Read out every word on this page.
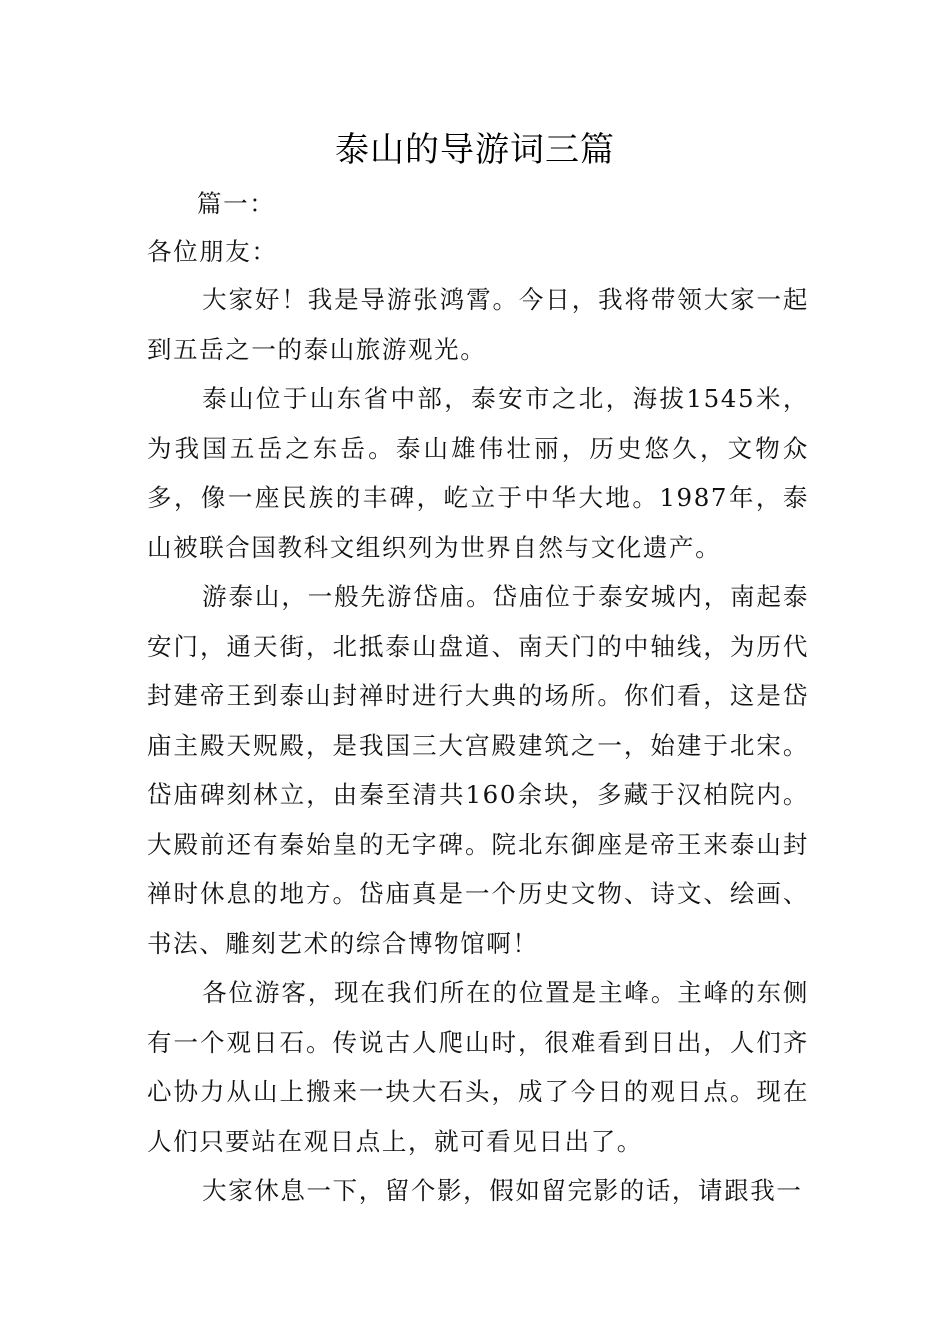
泰山的导游词三篇
篇一：
各位朋友：

大家好！我是导游张鸿霄。今日，我将带领大家一起到五岳之一的泰山旅游观光。

泰山位于山东省中部，泰安市之北，海拔1545米，为我国五岳之东岳。泰山雄伟壮丽，历史悠久，文物众多，像一座民族的丰碑，屹立于中华大地。1987年，泰山被联合国教科文组织列为世界自然与文化遗产。

游泰山，一般先游岱庙。岱庙位于泰安城内，南起泰安门，通天街，北抵泰山盘道、南天门的中轴线，为历代封建帝王到泰山封禅时进行大典的场所。你们看，这是岱庙主殿天贶殿，是我国三大宫殿建筑之一，始建于北宋。岱庙碑刻林立，由秦至清共160余块，多藏于汉柏院内。大殿前还有秦始皇的无字碑。院北东御座是帝王来泰山封禅时休息的地方。岱庙真是一个历史文物、诗文、绘画、书法、雕刻艺术的综合博物馆啊！

各位游客，现在我们所在的位置是主峰。主峰的东侧有一个观日石。传说古人爬山时，很难看到日出，人们齐心协力从山上搬来一块大石头，成了今日的观日点。现在人们只要站在观日点上，就可看见日出了。

大家休息一下，留个影，假如留完影的话，请跟我一
